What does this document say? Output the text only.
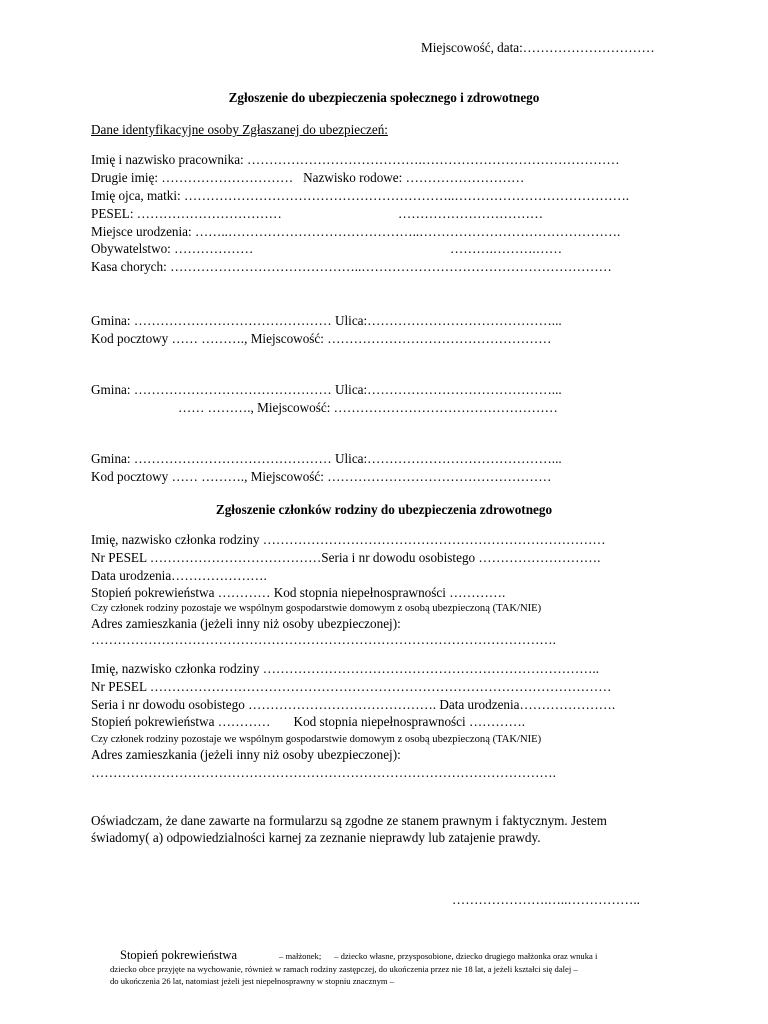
Miejscowość, data:…………………………
Zgłoszenie do ubezpieczenia społecznego i zdrowotnego
Dane identyfikacyjne osoby Zgłaszanej do ubezpieczeń:
Imię i nazwisko pracownika: ………………………………….………………………………………
Drugie imię: …………………………   Nazwisko rodowe: ………………………
Imię ojca, matki: ……………………………………………………..………………………………….
PESEL: ……………………………	……………………………
Miejsce urodzenia: ……..……………………………………..……………………………………….
Obywatelstwo: ………………	……….……….……
Kasa chorych: ……………………………………..…………………………………………………
Gmina: ……………………………………… Ulica:……………………………………...
Kod pocztowy …… ………., Miejscowość: ……………………………………………
Gmina: ……………………………………… Ulica:……………………………………...
…… ………., Miejscowość: ……………………………………………
Gmina: ……………………………………… Ulica:……………………………………...
Kod pocztowy …… ………., Miejscowość: ……………………………………………
Zgłoszenie członków rodziny do ubezpieczenia zdrowotnego
Imię, nazwisko członka rodziny ……………………………………………………………………
Nr PESEL …………………………………Seria i nr dowodu osobistego ……………………….
Data urodzenia………………….
Stopień pokrewieństwa ………… Kod stopnia niepełnosprawności ………….
Czy członek rodziny pozostaje we wspólnym gospodarstwie domowym z osobą ubezpieczoną (TAK/NIE)
Adres zamieszkania (jeżeli inny niż osoby ubezpieczonej):
…………………………………………………………………………………………….
Imię, nazwisko członka rodziny …………………………………………………………………..
Nr PESEL ……………………………………………………………………………………………
Seria i nr dowodu osobistego ……………………………………. Data urodzenia………………….
Stopień pokrewieństwa …………       Kod stopnia niepełnosprawności ………….
Czy członek rodziny pozostaje we wspólnym gospodarstwie domowym z osobą ubezpieczoną (TAK/NIE)
Adres zamieszkania (jeżeli inny niż osoby ubezpieczonej):
…………………………………………………………………………………………….
Oświadczam, że dane zawarte na formularzu są zgodne ze stanem prawnym i faktycznym. Jestem
świadomy( a) odpowiedzialności karnej za zeznanie nieprawdy lub zatajenie prawdy.
………………….…..……………..
Stopień pokrewieństwa	– małżonek;      – dziecko własne, przysposobione, dziecko drugiego małżonka oraz wnuka i
dziecko obce przyjęte na wychowanie, również w ramach rodziny zastępczej, do ukończenia przez nie 18 lat, a jeżeli kształci się dalej –
do ukończenia 26 lat, natomiast jeżeli jest niepełnosprawny w stopniu znacznym –
